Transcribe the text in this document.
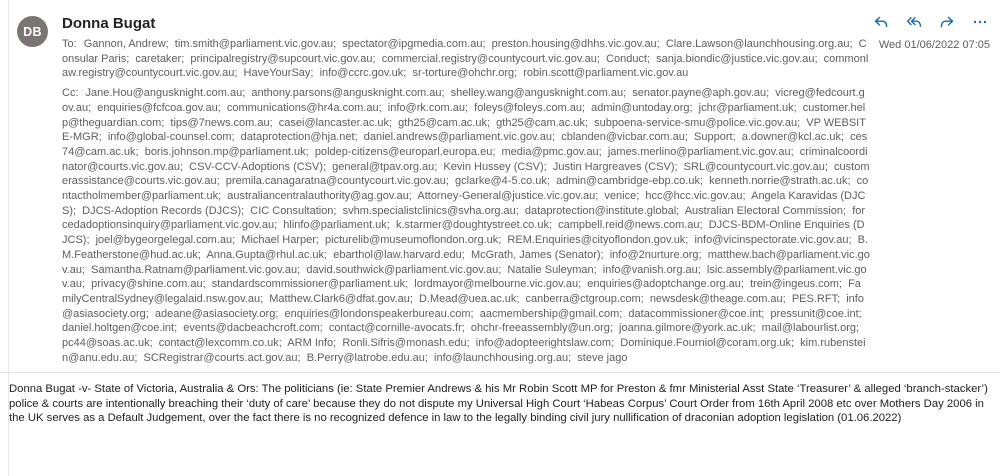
DB Donna Bugat
To: Gannon, Andrew;  tim.smith@parliament.vic.gov.au;  spectator@ipgmedia.com.au;  preston.housing@dhhs.vic.gov.au;  Clare.Lawson@launchhousing.org.au;  Consular Paris;  caretaker;  principalregistry@supcourt.vic.gov.au;  commercial.registry@countycourt.vic.gov.au;  Conduct;  sanja.biondic@justice.vic.gov.au;  commonlaw.registry@countycourt.vic.gov.au;  HaveYourSay;  info@ccrc.gov.uk;  sr-torture@ohchr.org;  robin.scott@parliament.vic.gov.au
Cc: Jane.Hou@angusknight.com.au;  anthony.parsons@angusknight.com.au;  shelley.wang@angusknight.com.au;  senator.payne@aph.gov.au;  vicreg@fedcourt.gov.au;  enquiries@fcfcoa.gov.au;  communications@hr4a.com.au;  info@rk.com.au;  foleys@foleys.com.au;  admin@untoday.org;  jchr@parliament.uk;  customer.help@theguardian.com;  tips@7news.com.au;  casei@lancaster.ac.uk;  gth25@cam.ac.uk;  gth25@cam.ac.uk;  subpoena-service-smu@police.vic.gov.au;  VP WEBSITE-MGR;  info@global-counsel.com;  dataprotection@hja.net;  daniel.andrews@parliament.vic.gov.au;  cblanden@vicbar.com.au;  Support;  a.downer@kcl.ac.uk;  ces74@cam.ac.uk;  boris.johnson.mp@parliament.uk;  poldep-citizens@europarl.europa.eu;  media@pmc.gov.au;  james.merlino@parliament.vic.gov.au;  criminalcoordinator@courts.vic.gov.au;  CSV-CCV-Adoptions (CSV);  general@tpav.org.au;  Kevin Hussey (CSV);  Justin Hargreaves (CSV);  SRL@countycourt.vic.gov.au;  customerassistance@courts.vic.gov.au;  premila.canagaratna@countycourt.vic.gov.au;  gclarke@4-5.co.uk;  admin@cambridge-ebp.co.uk;  kenneth.norrie@strath.ac.uk;  contactholmember@parliament.uk;  australiancentralauthority@ag.gov.au;  Attorney-General@justice.vic.gov.au;  venice;  hcc@hcc.vic.gov.au;  Angela Karavidas (DJCS);  DJCS-Adoption Records (DJCS);  CIC Consultation;  svhm.specialistclinics@svha.org.au;  dataprotection@institute.global;  Australian Electoral Commission;  forcedadoptionsinquiry@parliament.vic.gov.au;  hlinfo@parliament.uk;  k.starmer@doughtystreet.co.uk;  campbell.reid@news.com.au;  DJCS-BDM-Online Enquiries (DJCS);  joel@bygeorgelegal.com.au;  Michael Harper;  picturelib@museumoflondon.org.uk;  REM.Enquiries@cityoflondon.gov.uk;  info@vicinspectorate.vic.gov.au;  B.M.Featherstone@hud.ac.uk;  Anna.Gupta@rhul.ac.uk;  ebarthol@law.harvard.edu;  McGrath, James (Senator);  info@2nurture.org;  matthew.bach@parliament.vic.gov.au;  Samantha.Ratnam@parliament.vic.gov.au;  david.southwick@parliament.vic.gov.au;  Natalie Suleyman;  info@vanish.org.au;  lsic.assembly@parliament.vic.gov.au;  privacy@shine.com.au;  standardscommissioner@parliament.uk;  lordmayor@melbourne.vic.gov.au;  enquiries@adoptchange.org.au;  trein@ingeus.com;  FamilyCentralSydney@legalaid.nsw.gov.au;  Matthew.Clark6@dfat.gov.au;  D.Mead@uea.ac.uk;  canberra@ctgroup.com;  newsdesk@theage.com.au;  PES.RFT;  info@asiasociety.org;  adeane@asiasociety.org;  enquiries@londonspeakerbureau.com;  aacmembership@gmail.com;  datacommissioner@coe.int;  pressunit@coe.int;  daniel.holtgen@coe.int;  events@dacbeachcroft.com;  contact@cornille-avocats.fr;  ohchr-freeassembly@un.org;  joanna.gilmore@york.ac.uk;  mail@labourlist.org;  pc44@soas.ac.uk;  contact@lexcomm.co.uk;  ARM Info;  Ronli.Sifris@monash.edu;  info@adopteerightslaw.com;  Dominique.Fourniol@coram.org.uk;  kim.rubenstein@anu.edu.au;  SCRegistrar@courts.act.gov.au;  B.Perry@latrobe.edu.au;  info@launchhousing.org.au;  steve jago
Wed 01/06/2022 07:05
Donna Bugat -v- State of Victoria, Australia & Ors: The politicians (ie: State Premier Andrews & his Mr Robin Scott MP for Preston & fmr Ministerial Asst State ‘Treasurer’ & alleged ‘branch-stacker’) police & courts are intentionally breaching their ‘duty of care’ because they do not dispute my Universal High Court ‘Habeas Corpus’ Court Order from 16th April 2008 etc over Mothers Day 2006 in the UK serves as a Default Judgement, over the fact there is no recognized defence in law to the legally binding civil jury nullification of draconian adoption legislation (01.06.2022)
